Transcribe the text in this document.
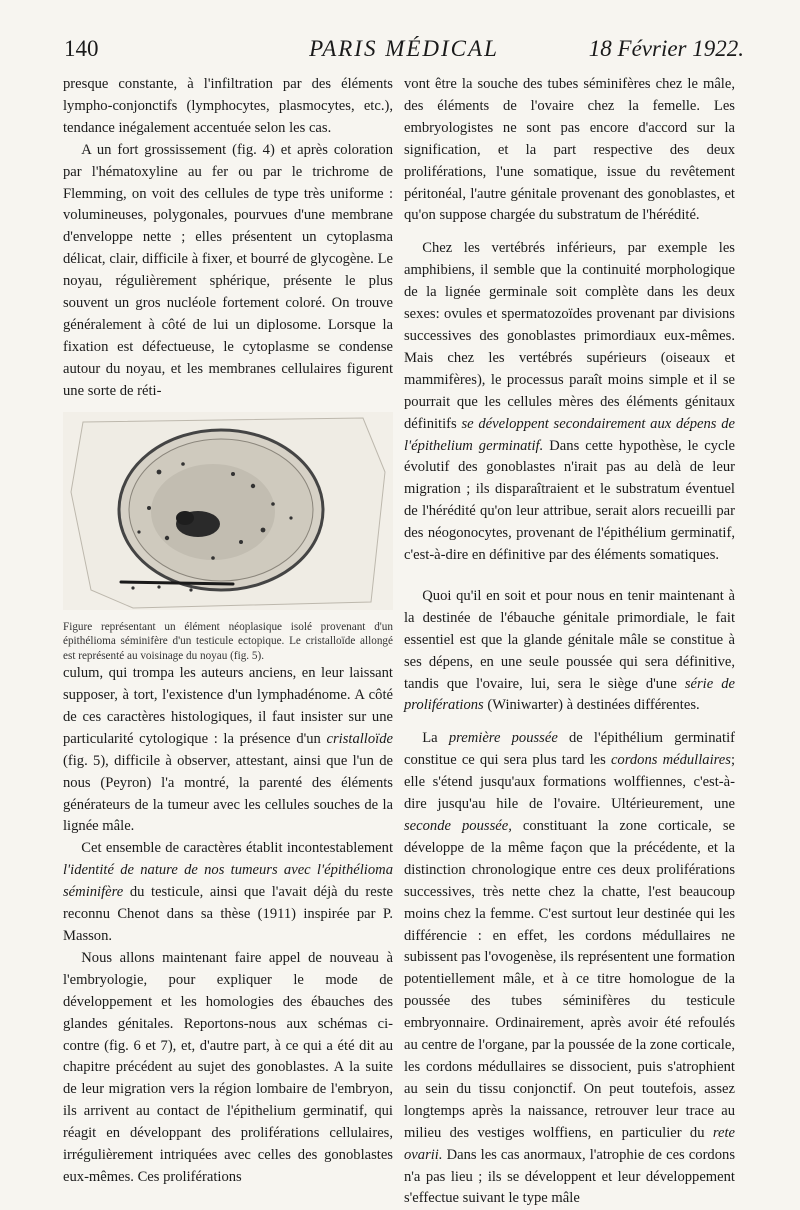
140	PARIS MÉDICAL	18 Février 1922.

presque constante, à l'infiltration par des éléments lympho-conjonctifs (lymphocytes, plasmocytes, etc.), tendance inégalement accentuée selon les cas.

A un fort grossissement (fig. 4) et après coloration par l'hématoxyline au fer ou par le trichrome de Flemming, on voit des cellules de type très uniforme : volumineuses, polygonales, pourvues d'une membrane d'enveloppe nette ; elles présentent un cytoplasma délicat, clair, difficile à fixer, et bourré de glycogène. Le noyau, régulièrement sphérique, présente le plus souvent un gros nucléole fortement coloré. On trouve généralement à côté de lui un diplosome. Lorsque la fixation est défectueuse, le cytoplasme se condense autour du noyau, et les membranes cellulaires figurent une sorte de réti-

Figure représentant un élément néoplasique isolé provenant d'un épithélioma séminifère d'un testicule ectopique. Le cristalloïde allongé est représenté au voisinage du noyau (fig. 5).

culum, qui trompa les auteurs anciens, en leur laissant supposer, à tort, l'existence d'un lymphadénome. A côté de ces caractères histologiques, il faut insister sur une particularité cytologique : la présence d'un cristalloïde (fig. 5), difficile à observer, attestant, ainsi que l'un de nous (Peyron) l'a montré, la parenté des éléments générateurs de la tumeur avec les cellules souches de la lignée mâle.

Cet ensemble de caractères établit incontestablement l'identité de nature de nos tumeurs avec l'épithélioma séminifère du testicule, ainsi que l'avait déjà du reste reconnu Chenot dans sa thèse (1911) inspirée par P. Masson.

Nous allons maintenant faire appel de nouveau à l'embryologie, pour expliquer le mode de développement et les homologies des ébauches des glandes génitales. Reportons-nous aux schémas ci-contre (fig. 6 et 7), et, d'autre part, à ce qui a été dit au chapitre précédent au sujet des gonoblastes. A la suite de leur migration vers la région lombaire de l'embryon, ils arrivent au contact de l'épithelium germinatif, qui réagit en développant des proliférations cellulaires, irrégulièrement intriquées avec celles des gonoblastes eux-mêmes. Ces proliférations

vont être la souche des tubes séminifères chez le mâle, des éléments de l'ovaire chez la femelle. Les embryologistes ne sont pas encore d'accord sur la signification, et la part respective des deux proliférations, l'une somatique, issue du revêtement péritonéal, l'autre génitale provenant des gonoblastes, et qu'on suppose chargée du substratum de l'hérédité.

Chez les vertébrés inférieurs, par exemple les amphibiens, il semble que la continuité morphologique de la lignée germinale soit complète dans les deux sexes: ovules et spermatozoïdes provenant par divisions successives des gonoblastes primordiaux eux-mêmes. Mais chez les vertébrés supérieurs (oiseaux et mammifères), le processus paraît moins simple et il se pourrait que les cellules mères des éléments génitaux définitifs se développent secondairement aux dépens de l'épithelium germinatif. Dans cette hypothèse, le cycle évolutif des gonoblastes n'irait pas au delà de leur migration ; ils disparaîtraient et le substratum éventuel de l'hérédité qu'on leur attribue, serait alors recueilli par des néogonocytes, provenant de l'épithélium germinatif, c'est-à-dire en définitive par des éléments somatiques.

Quoi qu'il en soit et pour nous en tenir maintenant à la destinée de l'ébauche génitale primordiale, le fait essentiel est que la glande génitale mâle se constitue à ses dépens, en une seule poussée qui sera définitive, tandis que l'ovaire, lui, sera le siège d'une série de proliférations (Winiwarter) à destinées différentes.

La première poussée de l'épithélium germinatif constitue ce qui sera plus tard les cordons médullaires; elle s'étend jusqu'aux formations wolffiennes, c'est-à-dire jusqu'au hile de l'ovaire. Ultérieurement, une seconde poussée, constituant la zone corticale, se développe de la même façon que la précédente, et la distinction chronologique entre ces deux proliférations successives, très nette chez la chatte, l'est beaucoup moins chez la femme. C'est surtout leur destinée qui les différencie : en effet, les cordons médullaires ne subissent pas l'ovogenèse, ils représentent une formation potentiellement mâle, et à ce titre homologue de la poussée des tubes séminifères du testicule embryonnaire. Ordinairement, après avoir été refoulés au centre de l'organe, par la poussée de la zone corticale, les cordons médullaires se dissocient, puis s'atrophient au sein du tissu conjonctif. On peut toutefois, assez longtemps après la naissance, retrouver leur trace au milieu des vestiges wolffiens, en particulier du rete ovarii. Dans les cas anormaux, l'atrophie de ces cordons n'a pas lieu ; ils se développent et leur développement s'effectue suivant le type mâle
